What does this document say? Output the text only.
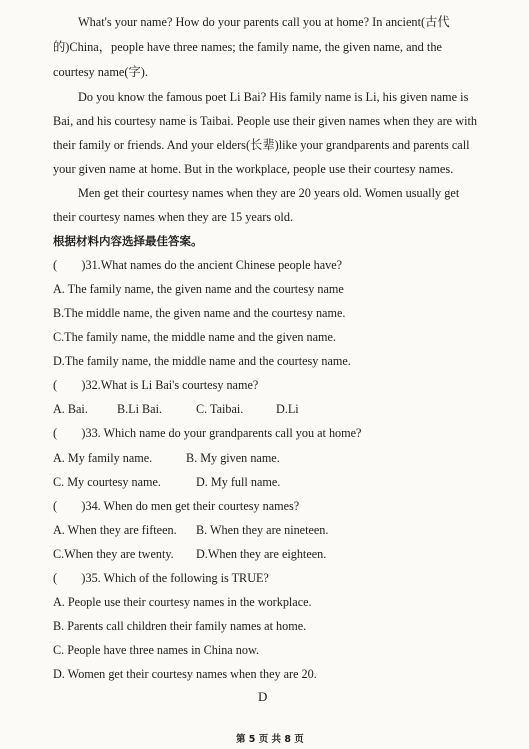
What's your name? How do your parents call you at home? In ancient(古代
的)China，people have three names; the family name, the given name, and the
courtesy name(字).
Do you know the famous poet Li Bai? His family name is Li, his given name is
Bai, and his courtesy name is Taibai. People use their given names when they are with
their family or friends. And your elders(长辈)like your grandparents and parents call
your given name at home. But in the workplace, people use their courtesy names.
Men get their courtesy names when they are 20 years old. Women usually get
their courtesy names when they are 15 years old.
根据材料内容选择最佳答案。
(　　)31.What names do the ancient Chinese people have?
A. The family name, the given name and the courtesy name
B.The middle name, the given name and the courtesy name.
C.The family name, the middle name and the given name.
D.The family name, the middle name and the courtesy name.
(　　)32.What is Li Bai's courtesy name?
A. Bai. B.Li Bai.	C. Taibai.	D.Li
(　　)33. Which name do your grandparents call you at home?
A. My family name.	B. My given name.
C. My courtesy name.	D. My full name.
(　　)34. When do men get their courtesy names?
A. When they are fifteen. B. When they are nineteen.
C.When they are twenty. D.When they are eighteen.
(　　)35. Which of the following is TRUE?
A. People use their courtesy names in the workplace.
B. Parents call children their family names at home.
C. People have three names in China now.
D. Women get their courtesy names when they are 20.
D
第 5 页 共 8 页
